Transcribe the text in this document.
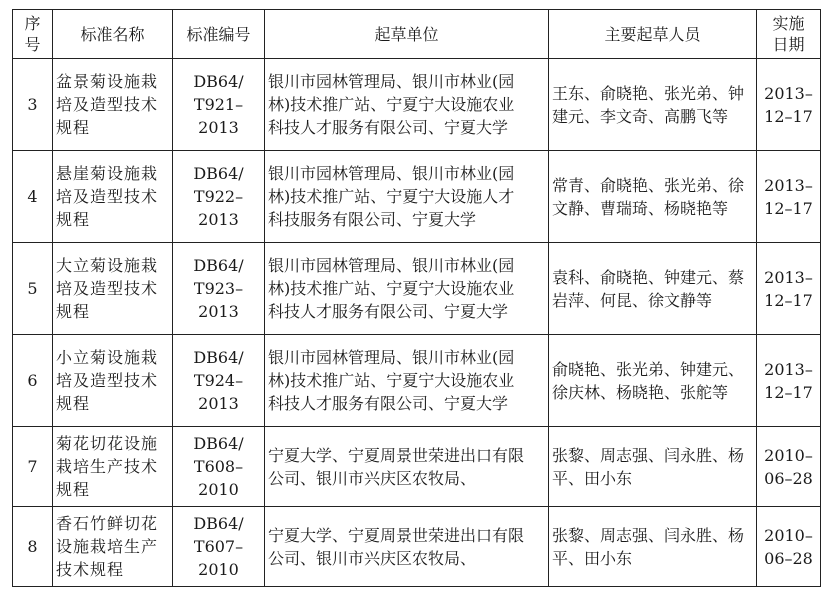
序
号	标准名称	标准编号	起草单位	主要起草人员	实施
日期

3	盆景菊设施栽
培及造型技术
规程	DB64/
T921–2013	银川市园林管理局、银川市林业(园
林)技术推广站、宁夏宁大设施农业
科技人才服务有限公司、宁夏大学	王东、俞晓艳、张光弟、钟
建元、李文奇、高鹏飞等	2013–
12–17

4	悬崖菊设施栽
培及造型技术
规程	DB64/
T922–2013	银川市园林管理局、银川市林业(园
林)技术推广站、宁夏宁大设施人才
科技服务有限公司、宁夏大学	常青、俞晓艳、张光弟、徐
文静、曹瑞琦、杨晓艳等	2013–
12–17

5	大立菊设施栽
培及造型技术
规程	DB64/
T923–2013	银川市园林管理局、银川市林业(园
林)技术推广站、宁夏宁大设施农业
科技人才服务有限公司、宁夏大学	袁科、俞晓艳、钟建元、蔡
岩萍、何昆、徐文静等	2013–
12–17

6	小立菊设施栽
培及造型技术
规程	DB64/
T924–2013	银川市园林管理局、银川市林业(园
林)技术推广站、宁夏宁大设施农业
科技人才服务有限公司、宁夏大学	俞晓艳、张光弟、钟建元、
徐庆林、杨晓艳、张舵等	2013–
12–17

7	菊花切花设施
栽培生产技术
规程	DB64/
T608–2010	宁夏大学、宁夏周景世荣进出口有限
公司、银川市兴庆区农牧局、	张黎、周志强、闫永胜、杨
平、田小东	2010–
06–28

8	香石竹鲜切花
设施栽培生产
技术规程	DB64/
T607–2010	宁夏大学、宁夏周景世荣进出口有限
公司、银川市兴庆区农牧局、	张黎、周志强、闫永胜、杨
平、田小东	2010–
06–28
